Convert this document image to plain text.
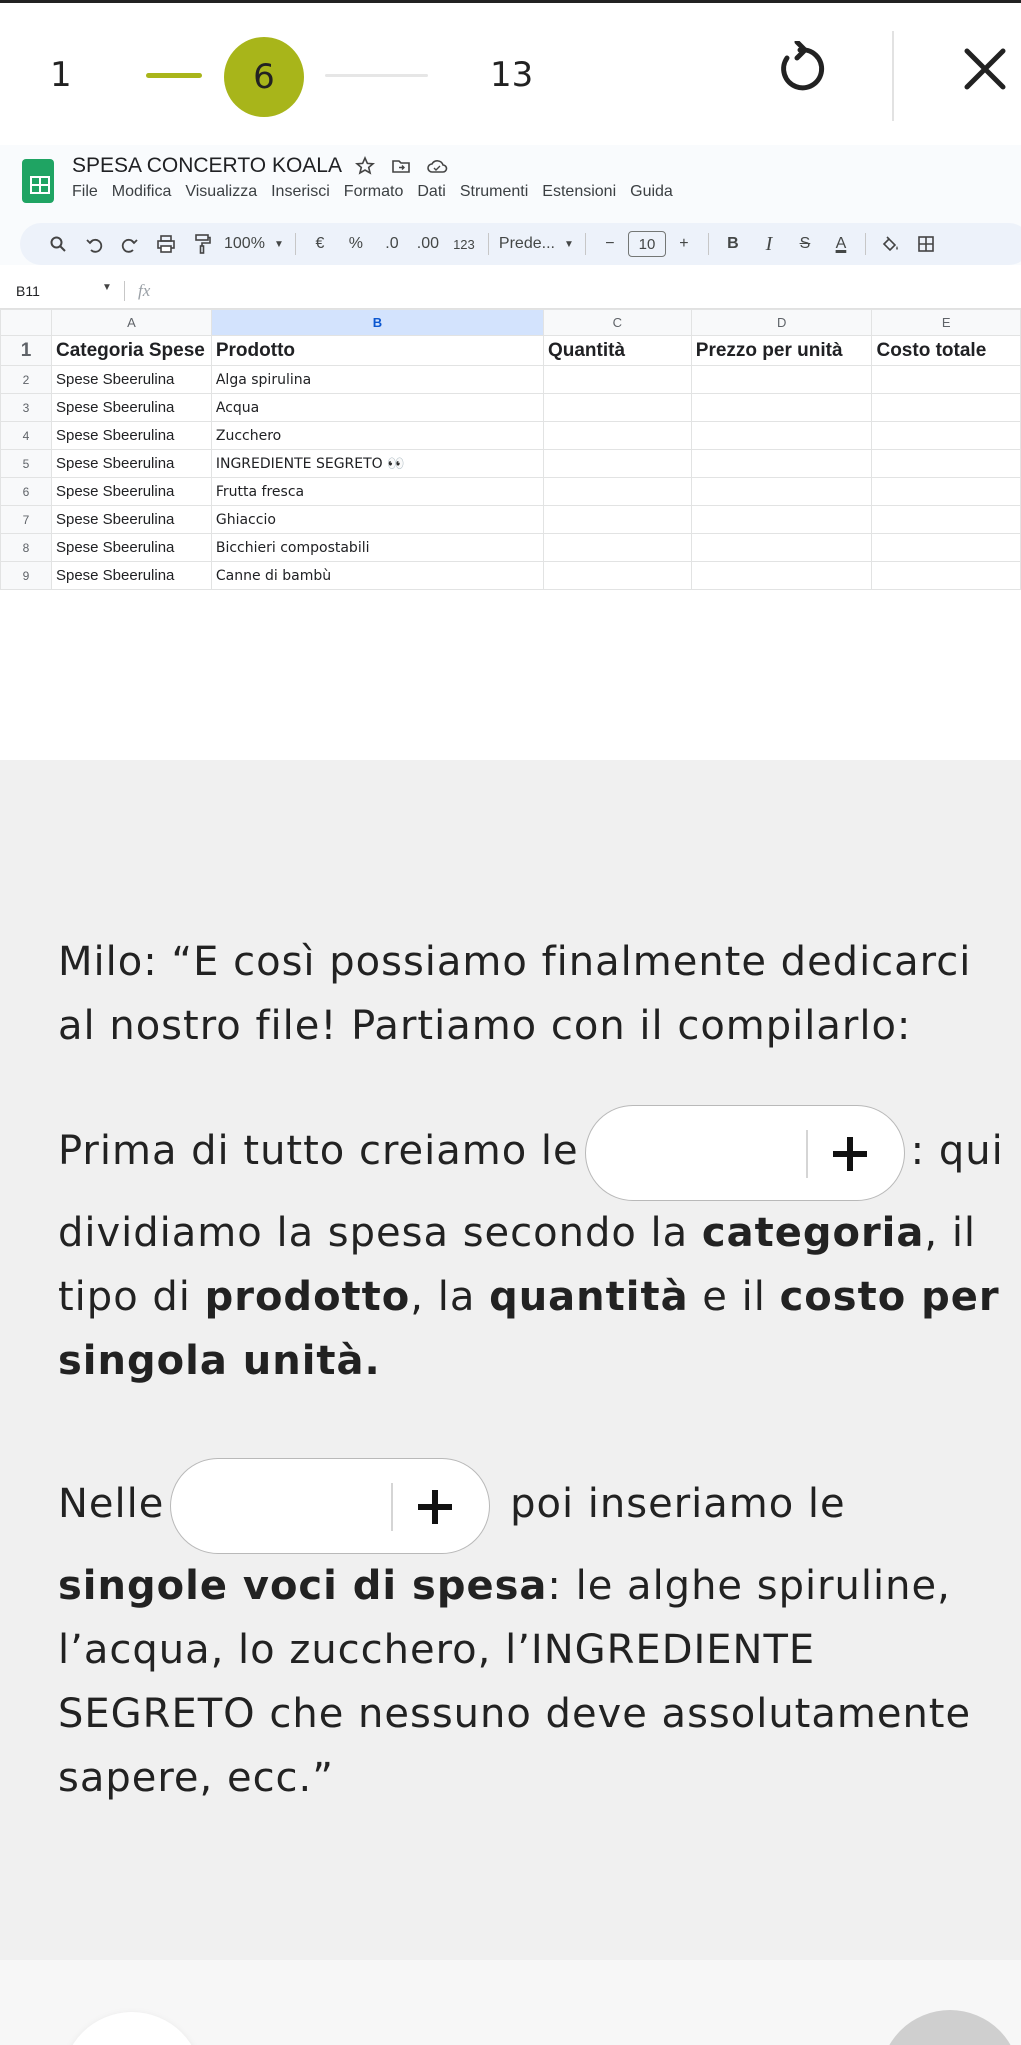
1	6	13
SPESA CONCERTO KOALA
File Modifica Visualizza Inserisci Formato Dati Strumenti Estensioni Guida
100% ▼	€	%	.0	.00	123	Prede... ▼	−	10	+	B	I	S	A
B11	▼ fx
	A	B	C	D	E
1	Categoria Spese	Prodotto	Quantità	Prezzo per unità	Costo totale
2	Spese Sbeerulina	Alga spirulina			
3	Spese Sbeerulina	Acqua			
4	Spese Sbeerulina	Zucchero			
5	Spese Sbeerulina	INGREDIENTE SEGRETO 👀			
6	Spese Sbeerulina	Frutta fresca			
7	Spese Sbeerulina	Ghiaccio			
8	Spese Sbeerulina	Bicchieri compostabili			
9	Spese Sbeerulina	Canne di bambù			

Milo: “E così possiamo finalmente dedicarci al nostro file! Partiamo con il compilarlo:

Prima di tutto creiamo le	: qui dividiamo la spesa secondo la categoria, il tipo di prodotto, la quantità e il costo per singola unità.

Nelle	poi inseriamo le singole voci di spesa: le alghe spiruline, l’acqua, lo zucchero, l’INGREDIENTE SEGRETO che nessuno deve assolutamente sapere, ecc.”
